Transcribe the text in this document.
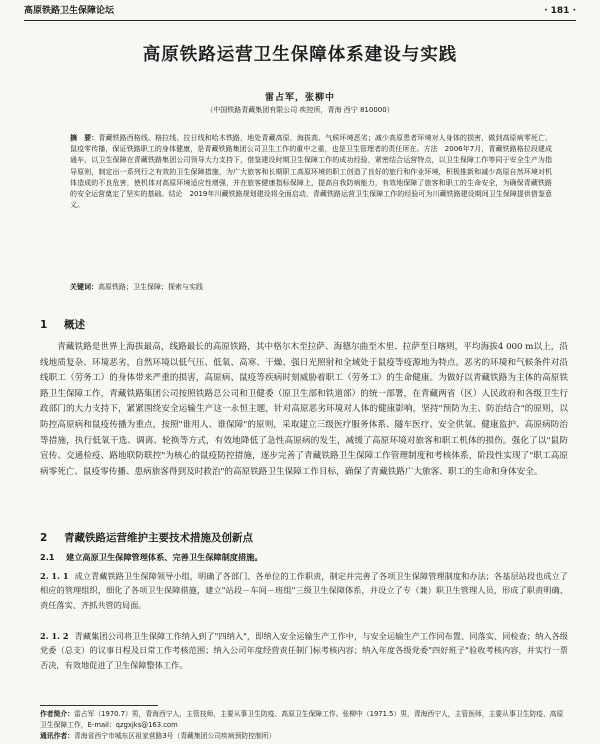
高原铁路卫生保障论坛	· 181 ·
高原铁路运营卫生保障体系建设与实践
雷占军，张柳中
（中国铁路青藏集团有限公司 疾控所，青海 西宁 810000）
摘　要：青藏铁路西格线、格拉线、拉日线和哈木铁路，地处青藏高原，海拔高、气候环境恶劣；减少高原患者环境对人身体的损害，做到高原病零死亡、鼠疫零传播，保证铁路职工的身体健康，是青藏铁路集团公司卫生工作的重中之重，也是卫生管理者的责任所在。方法　2006年7月，青藏铁路格拉段建成通车，以卫生保障在青藏铁路集团公司领导大力支持下，借鉴建设时期卫生保障工作的成功经验，紧密结合运营特点，以卫生保障工作等同于安全生产为指导原则，制定出一系列行之有效的卫生保障措施，为广大旅客和长期职工高原环境的职工创造了良好的旅行和作业环境，积极推新和减少高原自然环境对机体造成的不良危害，使机体对高原环境适应性增强，并在旅客健康指标保障上，提高自我防病能力，有效地保障了旅客和职工的生命安全，为确保青藏铁路的安全运营奠定了坚实的基础。结论　2019年川藏铁路规划建设将全面启动，青藏铁路运营卫生保障工作的经验可为川藏铁路建设期间卫生保障提供借鉴意义。
关键词：高原铁路；卫生保障；探索与实践
1 概述
青藏铁路是世界上海拔最高，线路最长的高原铁路，其中格尔木至拉萨、海德尔曲至木里、拉萨至日喀则，平均海拔4 000 m以上，沿线地质复杂、环境恶劣，自然环境以低气压、低氧、高寒、干燥、强日光照射和全域处于鼠疫等疫源地为特点。恶劣的环境和气候条件对沿线职工（劳务工）的身体带来严重的损害，高原病、鼠疫等疾病时刻威胁着职工（劳务工）的生命健康。为做好以青藏铁路为主体的高原铁路卫生保障工作，青藏铁路集团公司按照铁路总公司和卫健委（原卫生部和铁道部）的统一部署，在青藏两省（区）人民政府和各级卫生行政部门的大力支持下，紧紧围绕安全运输生产这一永恒主题，针对高原恶劣环境对人体的健康影响，坚持"预防为主、防治结合"的原则，以防控高原病和鼠疫传播为重点，按照"谁用人、谁保障"的原则，采取建立三级医疗服务体系、隧车医疗、安全供氧、健康监护、高原病防治等措施，执行低氧干选、调离、轮换等方式，有效地降低了急性高原病的发生，减缓了高原环境对旅客和职工机体的损伤。强化了以"鼠防宣传、交通检疫、路地联防联控"为核心的鼠疫防控措施，逐步完善了青藏铁路卫生保障工作管理制度和考核体系，阶段性实现了"职工高原病零死亡、鼠疫零传播、患病旅客得到及时救治"的高原铁路卫生保障工作目标，确保了青藏铁路广大旅客、职工的生命和身体安全。
2 青藏铁路运营维护主要技术措施及创新点
2.1 建立高原卫生保障管理体系、完善卫生保障制度措施。
2. 1. 1 成立青藏铁路卫生保障领导小组，明确了各部门、各单位的工作职责，制定并完善了各项卫生保障管理制度和办法；各基层站段也成立了相应的管理组织，细化了各项卫生保障措施，建立"站段－车间－班组"三级卫生保障体系，并设立了专（兼）职卫生管理人员，形成了职责明确、责任落实、齐抓共管的局面。
2. 1. 2 青藏集团公司将卫生保障工作纳入到了"四纳入"，即纳入安全运输生产工作中，与安全运输生产工作同布置、同落实、同检查；纳入各级党委（总支）的议事日程及日常工作考核范围；纳入公司年度经营责任制门标考核内容；纳入年度各级党委"四好班子"验收考核内容，并实行一票否决，有效地促进了卫生保障整体工作。
作者简介：雷占军（1970.7）男，青海西宁人，主管技师，主要从事卫生防疫、高原卫生保障工作。张柳中（1971.5）男，青海西宁人，主管医师，主要从事卫生防疫、高原卫生保障工作，E-mail：qzgxjks@163.com
通讯作者：青海省西宁市城东区祖家营路3号（青藏集团公司疾病预防控制所）
